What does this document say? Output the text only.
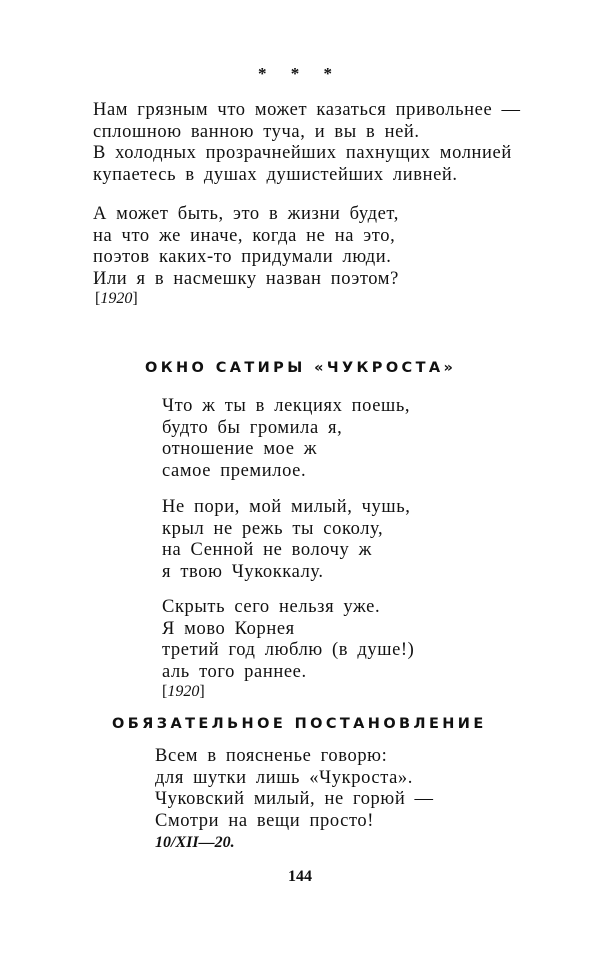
* * *
Нам грязным что может казаться привольнее —
сплошною ванною туча, и вы в ней.
В холодных прозрачнейших пахнущих молнией
купаетесь в душах душистейших ливней.
А может быть, это в жизни будет,
на что же иначе, когда не на это,
поэтов каких-то придумали люди.
Или я в насмешку назван поэтом?
[1920]
ОКНО САТИРЫ «ЧУКРОСТА»
Что ж ты в лекциях поешь,
будто бы громила я,
отношение мое ж
самое премилое.
Не пори, мой милый, чушь,
крыл не режь ты соколу,
на Сенной не волочу ж
я твою Чукоккалу.
Скрыть сего нельзя уже.
Я мово Корнея
третий год люблю (в душе!)
аль того раннее.
[1920]
ОБЯЗАТЕЛЬНОЕ ПОСТАНОВЛЕНИЕ
Всем в поясненье говорю:
для шутки лишь «Чукроста».
Чуковский милый, не горюй —
Смотри на вещи просто!
10/XII—20.
144
